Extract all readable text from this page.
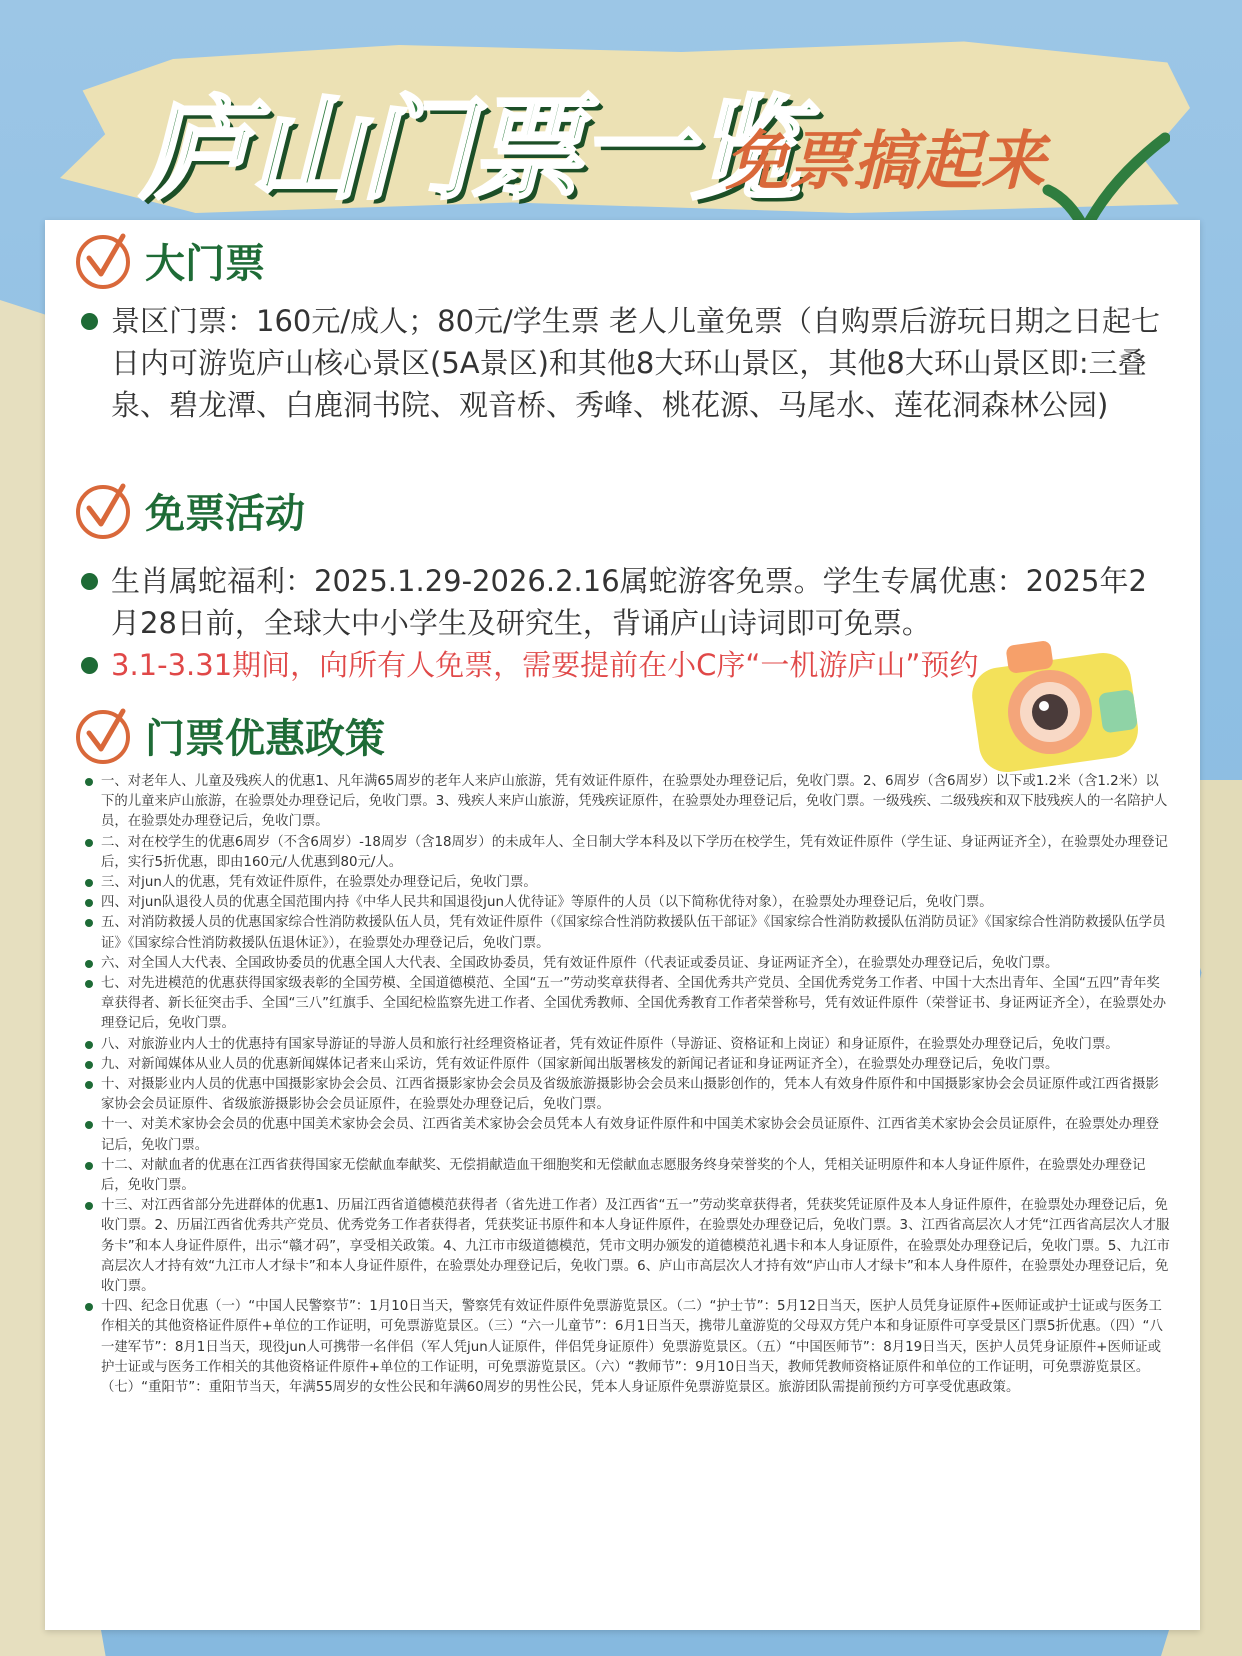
庐山门票一览
免票搞起来
大门票
景区门票：160元/成人；80元/学生票 老人儿童免票（自购票后游玩日期之日起七日内可游览庐山核心景区(5A景区)和其他8大环山景区，其他8大环山景区即:三叠泉、碧龙潭、白鹿洞书院、观音桥、秀峰、桃花源、马尾水、莲花洞森林公园)
免票活动
生肖属蛇福利：2025.1.29-2026.2.16属蛇游客免票。学生专属优惠：2025年2月28日前，全球大中小学生及研究生，背诵庐山诗词即可免票。
3.1-3.31期间，向所有人免票，需要提前在小C序“一机游庐山”预约
门票优惠政策
一、对老年人、儿童及残疾人的优惠1、凡年满65周岁的老年人来庐山旅游，凭有效证件原件，在验票处办理登记后，免收门票。2、6周岁（含6周岁）以下或1.2米（含1.2米）以下的儿童来庐山旅游，在验票处办理登记后，免收门票。3、残疾人来庐山旅游，凭残疾证原件，在验票处办理登记后，免收门票。一级残疾、二级残疾和双下肢残疾人的一名陪护人员，在验票处办理登记后，免收门票。
二、对在校学生的优惠6周岁（不含6周岁）-18周岁（含18周岁）的未成年人、全日制大学本科及以下学历在校学生，凭有效证件原件（学生证、身证两证齐全），在验票处办理登记后，实行5折优惠，即由160元/人优惠到80元/人。
三、对jun人的优惠，凭有效证件原件，在验票处办理登记后，免收门票。
四、对jun队退役人员的优惠全国范围内持《中华人民共和国退役jun人优待证》等原件的人员（以下简称优待对象），在验票处办理登记后，免收门票。
五、对消防救援人员的优惠国家综合性消防救援队伍人员，凭有效证件原件（《国家综合性消防救援队伍干部证》《国家综合性消防救援队伍消防员证》《国家综合性消防救援队伍学员证》《国家综合性消防救援队伍退休证》），在验票处办理登记后，免收门票。
六、对全国人大代表、全国政协委员的优惠全国人大代表、全国政协委员，凭有效证件原件（代表证或委员证、身证两证齐全），在验票处办理登记后，免收门票。
七、对先进模范的优惠获得国家级表彰的全国劳模、全国道德模范、全国“五一”劳动奖章获得者、全国优秀共产党员、全国优秀党务工作者、中国十大杰出青年、全国“五四”青年奖章获得者、新长征突击手、全国“三八”红旗手、全国纪检监察先进工作者、全国优秀教师、全国优秀教育工作者荣誉称号，凭有效证件原件（荣誉证书、身证两证齐全），在验票处办理登记后，免收门票。
八、对旅游业内人士的优惠持有国家导游证的导游人员和旅行社经理资格证者，凭有效证件原件（导游证、资格证和上岗证）和身证原件，在验票处办理登记后，免收门票。
九、对新闻媒体从业人员的优惠新闻媒体记者来山采访，凭有效证件原件（国家新闻出版署核发的新闻记者证和身证两证齐全），在验票处办理登记后，免收门票。
十、对摄影业内人员的优惠中国摄影家协会会员、江西省摄影家协会会员及省级旅游摄影协会会员来山摄影创作的，凭本人有效身件原件和中国摄影家协会会员证原件或江西省摄影家协会会员证原件、省级旅游摄影协会会员证原件，在验票处办理登记后，免收门票。
十一、对美术家协会会员的优惠中国美术家协会会员、江西省美术家协会会员凭本人有效身证件原件和中国美术家协会会员证原件、江西省美术家协会会员证原件，在验票处办理登记后，免收门票。
十二、对献血者的优惠在江西省获得国家无偿献血奉献奖、无偿捐献造血干细胞奖和无偿献血志愿服务终身荣誉奖的个人，凭相关证明原件和本人身证件原件，在验票处办理登记后，免收门票。
十三、对江西省部分先进群体的优惠1、历届江西省道德模范获得者（省先进工作者）及江西省“五一”劳动奖章获得者，凭获奖凭证原件及本人身证件原件，在验票处办理登记后，免收门票。2、历届江西省优秀共产党员、优秀党务工作者获得者，凭获奖证书原件和本人身证件原件，在验票处办理登记后，免收门票。3、江西省高层次人才凭“江西省高层次人才服务卡”和本人身证件原件，出示“赣才码”，享受相关政策。4、九江市市级道德模范，凭市文明办颁发的道德模范礼遇卡和本人身证原件，在验票处办理登记后，免收门票。5、九江市高层次人才持有效“九江市人才绿卡”和本人身证件原件，在验票处办理登记后，免收门票。6、庐山市高层次人才持有效“庐山市人才绿卡”和本人身件原件，在验票处办理登记后，免收门票。
十四、纪念日优惠（一）“中国人民警察节”：1月10日当天，警察凭有效证件原件免票游览景区。（二）“护士节”：5月12日当天，医护人员凭身证原件+医师证或护士证或与医务工作相关的其他资格证件原件+单位的工作证明，可免票游览景区。（三）“六一儿童节”：6月1日当天，携带儿童游览的父母双方凭户本和身证原件可享受景区门票5折优惠。（四）“八一建军节”：8月1日当天，现役jun人可携带一名伴侣（军人凭jun人证原件，伴侣凭身证原件）免票游览景区。（五）“中国医师节”：8月19日当天，医护人员凭身证原件+医师证或护士证或与医务工作相关的其他资格证件原件+单位的工作证明，可免票游览景区。（六）“教师节”：9月10日当天，教师凭教师资格证原件和单位的工作证明，可免票游览景区。（七）“重阳节”：重阳节当天，年满55周岁的女性公民和年满60周岁的男性公民，凭本人身证原件免票游览景区。旅游团队需提前预约方可享受优惠政策。
